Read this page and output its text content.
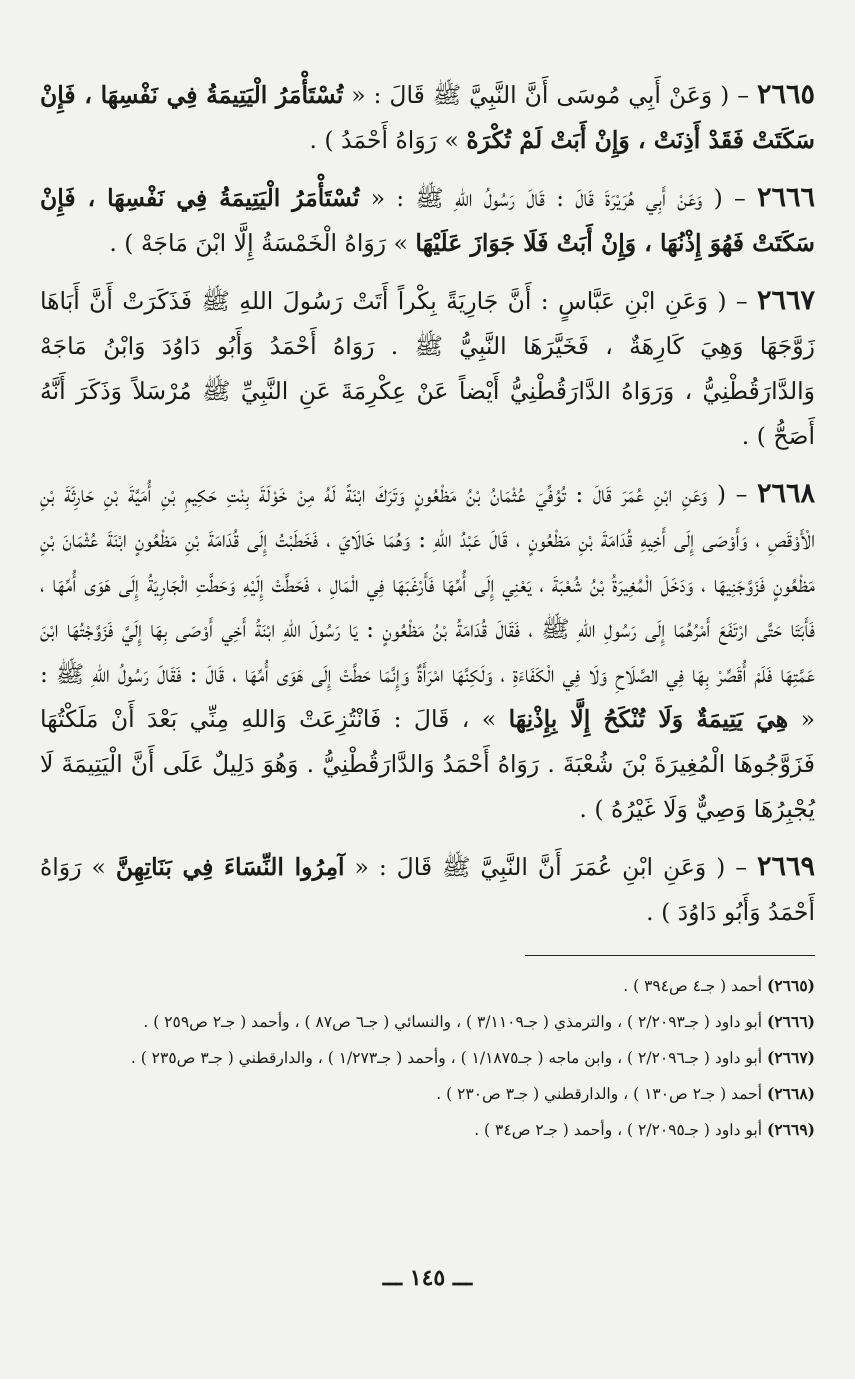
٢٦٦٥ – ( وَعَنْ أَبِي مُوسَى أَنَّ النَّبِيَّ ﷺ قَالَ : « تُسْتَأْمَرُ الْيَتِيمَةُ فِي نَفْسِهَا ، فَإِنْ سَكَتَتْ فَقَدْ أَذِنَتْ ، وَإِنْ أَبَتْ لَمْ تُكْرَهْ » رَوَاهُ أَحْمَدُ ) .

٢٦٦٦ – ( وَعَنْ أَبِي هُرَيْرَةَ قَالَ : قَالَ رَسُولُ اللهِ ﷺ : « تُسْتَأْمَرُ الْيَتِيمَةُ فِي نَفْسِهَا ، فَإِنْ سَكَتَتْ فَهُوَ إِذْنُهَا ، وَإِنْ أَبَتْ فَلَا جَوَازَ عَلَيْهَا » رَوَاهُ الْخَمْسَةُ إِلَّا ابْنَ مَاجَهْ ) .

٢٦٦٧ – ( وَعَنِ ابْنِ عَبَّاسٍ : أَنَّ جَارِيَةً بِكْراً أَتَتْ رَسُولَ اللهِ ﷺ فَذَكَرَتْ أَنَّ أَبَاهَا زَوَّجَهَا وَهِيَ كَارِهَةٌ ، فَخَيَّرَهَا النَّبِيُّ ﷺ . رَوَاهُ أَحْمَدُ وَأَبُو دَاوُدَ وَابْنُ مَاجَهْ وَالدَّارَقُطْنِيُّ ، وَرَوَاهُ الدَّارَقُطْنِيُّ أَيْضاً عَنْ عِكْرِمَةَ عَنِ النَّبِيِّ ﷺ مُرْسَلاً وَذَكَرَ أَنَّهُ أَصَحُّ ) .

٢٦٦٨ – ( وَعَنِ ابْنِ عُمَرَ قَالَ : تُوُفِّيَ عُثْمَانُ بْنُ مَظْعُونٍ وَتَرَكَ ابْنَةً لَهُ مِنْ خَوْلَةَ بِنْتِ حَكِيمِ بْنِ أُمَيَّةَ بْنِ حَارِثَةَ بْنِ الْأَوْقَصِ ، وَأَوْصَى إِلَى أَخِيهِ قُدَامَةَ بْنِ مَظْعُونٍ ، قَالَ عَبْدُ اللهِ : وَهُمَا خَالَايَ ، فَخَطَبْتُ إِلَى قُدَامَةَ بْنِ مَظْعُونٍ ابْنَةَ عُثْمَانَ بْنِ مَظْعُونٍ فَزَوَّجَنِيهَا ، وَدَخَلَ الْمُغِيرَةُ بْنُ شُعْبَةَ ، يَعْنِي إِلَى أُمِّهَا فَأَرْغَبَهَا فِي الْمَالِ ، فَحَطَّتْ إِلَيْهِ وَحَطَّتِ الْجَارِيَةُ إِلَى هَوَى أُمِّهَا ، فَأَبَتَا حَتَّى ارْتَفَعَ أَمْرُهُمَا إِلَى رَسُولِ اللهِ ﷺ ، فَقَالَ قُدَامَةُ بْنُ مَظْعُونٍ : يَا رَسُولَ اللهِ ابْنَةُ أَخِي أَوْصَى بِهَا إِلَيَّ فَزَوَّجْتُهَا ابْنَ عَمَّتِهَا فَلَمْ أُقَصِّرْ بِهَا فِي الصَّلَاحِ وَلَا فِي الْكَفَاءَةِ ، وَلَكِنَّهَا امْرَأَةٌ وَإِنَّمَا حَطَّتْ إِلَى هَوَى أُمِّهَا ، قَالَ : فَقَالَ رَسُولُ اللهِ ﷺ : « هِيَ يَتِيمَةٌ وَلَا تُنْكَحُ إِلَّا بِإِذْنِهَا » ، قَالَ : فَانْتُزِعَتْ وَاللهِ مِنِّي بَعْدَ أَنْ مَلَكْتُهَا فَزَوَّجُوهَا الْمُغِيرَةَ بْنَ شُعْبَةَ . رَوَاهُ أَحْمَدُ وَالدَّارَقُطْنِيُّ . وَهُوَ دَلِيلٌ عَلَى أَنَّ الْيَتِيمَةَ لَا يُجْبِرُهَا وَصِيٌّ وَلَا غَيْرُهُ ) .

٢٦٦٩ – ( وَعَنِ ابْنِ عُمَرَ أَنَّ النَّبِيَّ ﷺ قَالَ : « آمِرُوا النِّسَاءَ فِي بَنَاتِهِنَّ » رَوَاهُ أَحْمَدُ وَأَبُو دَاوُدَ ) .

(٢٦٦٥) أحمد ( جـ٤ ص٣٩٤ ) .

(٢٦٦٦) أبو داود ( جـ٢/٢٠٩٣ ) ، والترمذي ( جـ٣/١١٠٩ ) ، والنسائي ( جـ٦ ص٨٧ ) ، وأحمد ( جـ٢ ص٢٥٩ ) .

(٢٦٦٧) أبو داود ( جـ٢/٢٠٩٦ ) ، وابن ماجه ( جـ١/١٨٧٥ ) ، وأحمد ( جـ١/٢٧٣ ) ، والدارقطني ( جـ٣ ص٢٣٥ ) .

(٢٦٦٨) أحمد ( جـ٢ ص١٣٠ ) ، والدارقطني ( جـ٣ ص٢٣٠ ) .

(٢٦٦٩) أبو داود ( جـ٢/٢٠٩٥ ) ، وأحمد ( جـ٢ ص٣٤ ) .

ـــ ١٤٥ ـــ
